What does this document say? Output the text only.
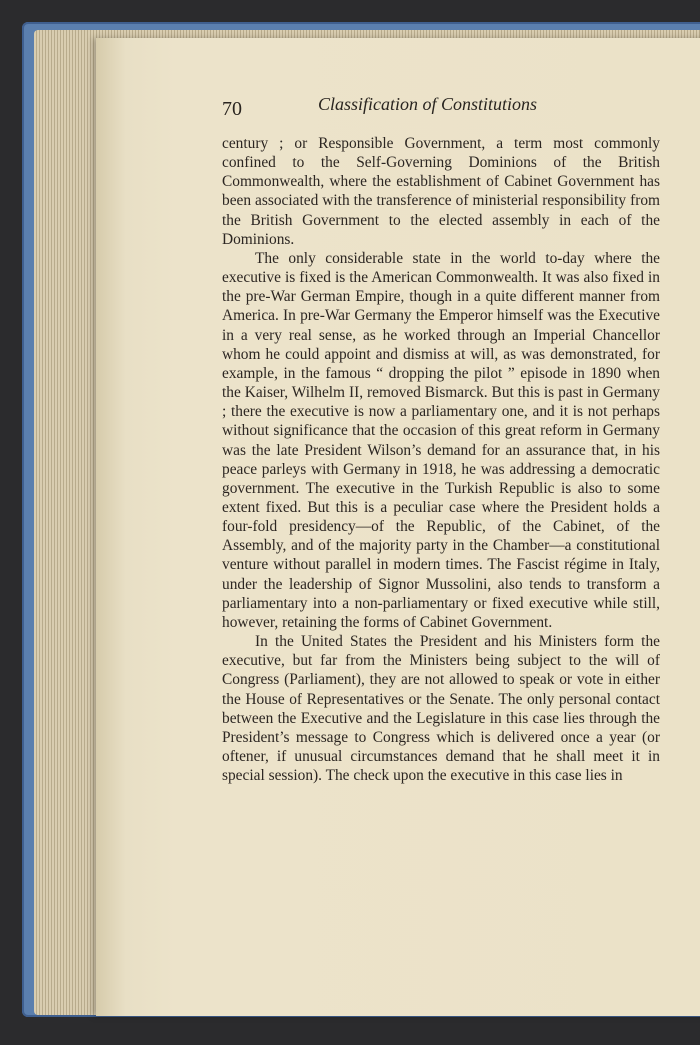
70	Classification of Constitutions

century ; or Responsible Government, a term most commonly confined to the Self-Governing Dominions of the British Commonwealth, where the establishment of Cabinet Government has been associated with the transference of ministerial responsibility from the British Government to the elected assembly in each of the Dominions.

The only considerable state in the world to-day where the executive is fixed is the American Commonwealth. It was also fixed in the pre-War German Empire, though in a quite different manner from America. In pre-War Germany the Emperor himself was the Executive in a very real sense, as he worked through an Imperial Chancellor whom he could appoint and dismiss at will, as was demonstrated, for example, in the famous “ dropping the pilot ” episode in 1890 when the Kaiser, Wilhelm II, removed Bismarck. But this is past in Germany ; there the executive is now a parliamentary one, and it is not perhaps without significance that the occasion of this great reform in Germany was the late President Wilson’s demand for an assurance that, in his peace parleys with Germany in 1918, he was addressing a democratic government. The executive in the Turkish Republic is also to some extent fixed. But this is a peculiar case where the President holds a four-fold presidency—of the Republic, of the Cabinet, of the Assembly, and of the majority party in the Chamber—a constitutional venture without parallel in modern times. The Fascist régime in Italy, under the leadership of Signor Mussolini, also tends to transform a parliamentary into a non-parliamentary or fixed executive while still, however, retaining the forms of Cabinet Government.

In the United States the President and his Ministers form the executive, but far from the Ministers being subject to the will of Congress (Parliament), they are not allowed to speak or vote in either the House of Representatives or the Senate. The only personal contact between the Executive and the Legislature in this case lies through the President’s message to Congress which is delivered once a year (or oftener, if unusual circumstances demand that he shall meet it in special session). The check upon the executive in this case lies in
